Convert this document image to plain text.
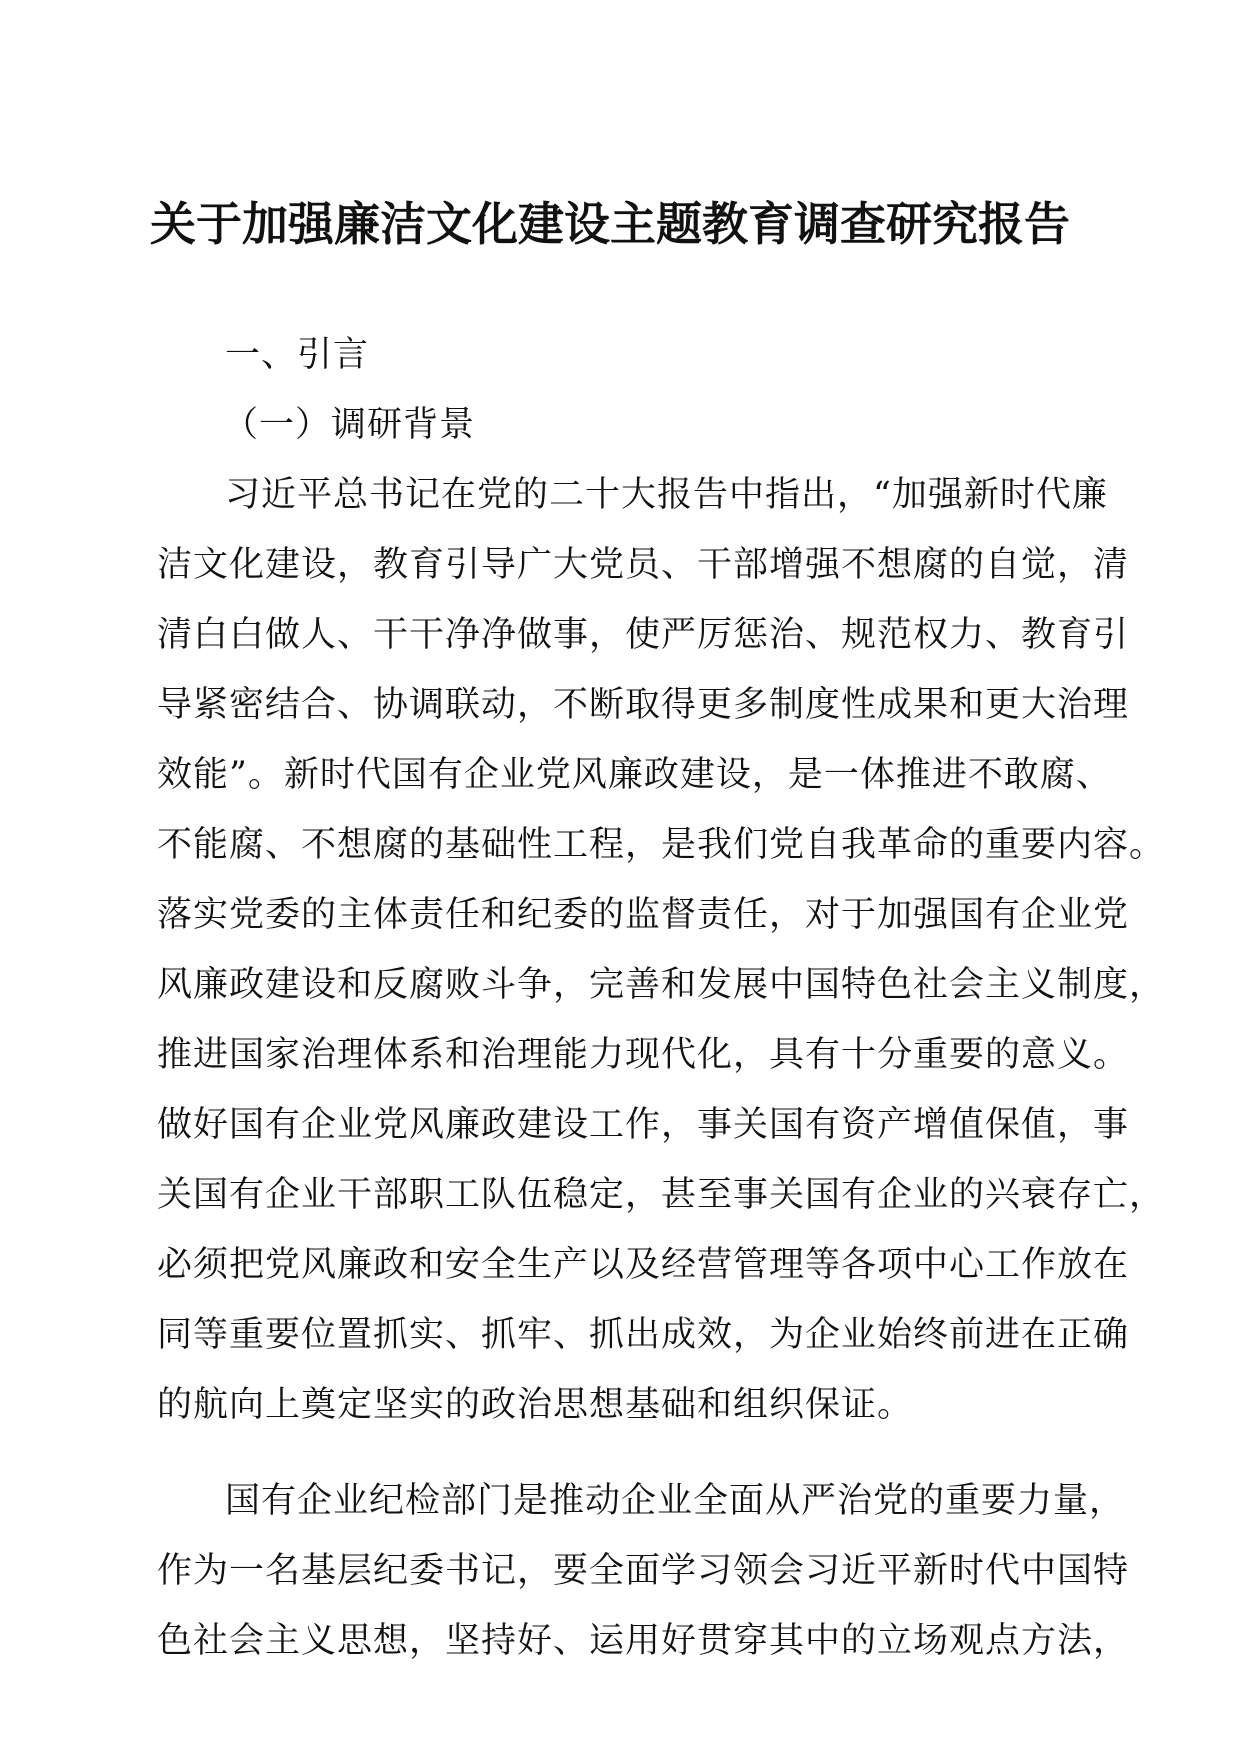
关于加强廉洁文化建设主题教育调查研究报告
一、引言
（一）调研背景
习近平总书记在党的二十大报告中指出，“加强新时代廉
洁文化建设，教育引导广大党员、干部增强不想腐的自觉，清
清白白做人、干干净净做事，使严厉惩治、规范权力、教育引
导紧密结合、协调联动，不断取得更多制度性成果和更大治理
效能”。新时代国有企业党风廉政建设，是一体推进不敢腐、
不能腐、不想腐的基础性工程，是我们党自我革命的重要内容。
落实党委的主体责任和纪委的监督责任，对于加强国有企业党
风廉政建设和反腐败斗争，完善和发展中国特色社会主义制度，
推进国家治理体系和治理能力现代化，具有十分重要的意义。
做好国有企业党风廉政建设工作，事关国有资产增值保值，事
关国有企业干部职工队伍稳定，甚至事关国有企业的兴衰存亡，
必须把党风廉政和安全生产以及经营管理等各项中心工作放在
同等重要位置抓实、抓牢、抓出成效，为企业始终前进在正确
的航向上奠定坚实的政治思想基础和组织保证。
国有企业纪检部门是推动企业全面从严治党的重要力量，
作为一名基层纪委书记，要全面学习领会习近平新时代中国特
色社会主义思想，坚持好、运用好贯穿其中的立场观点方法，
